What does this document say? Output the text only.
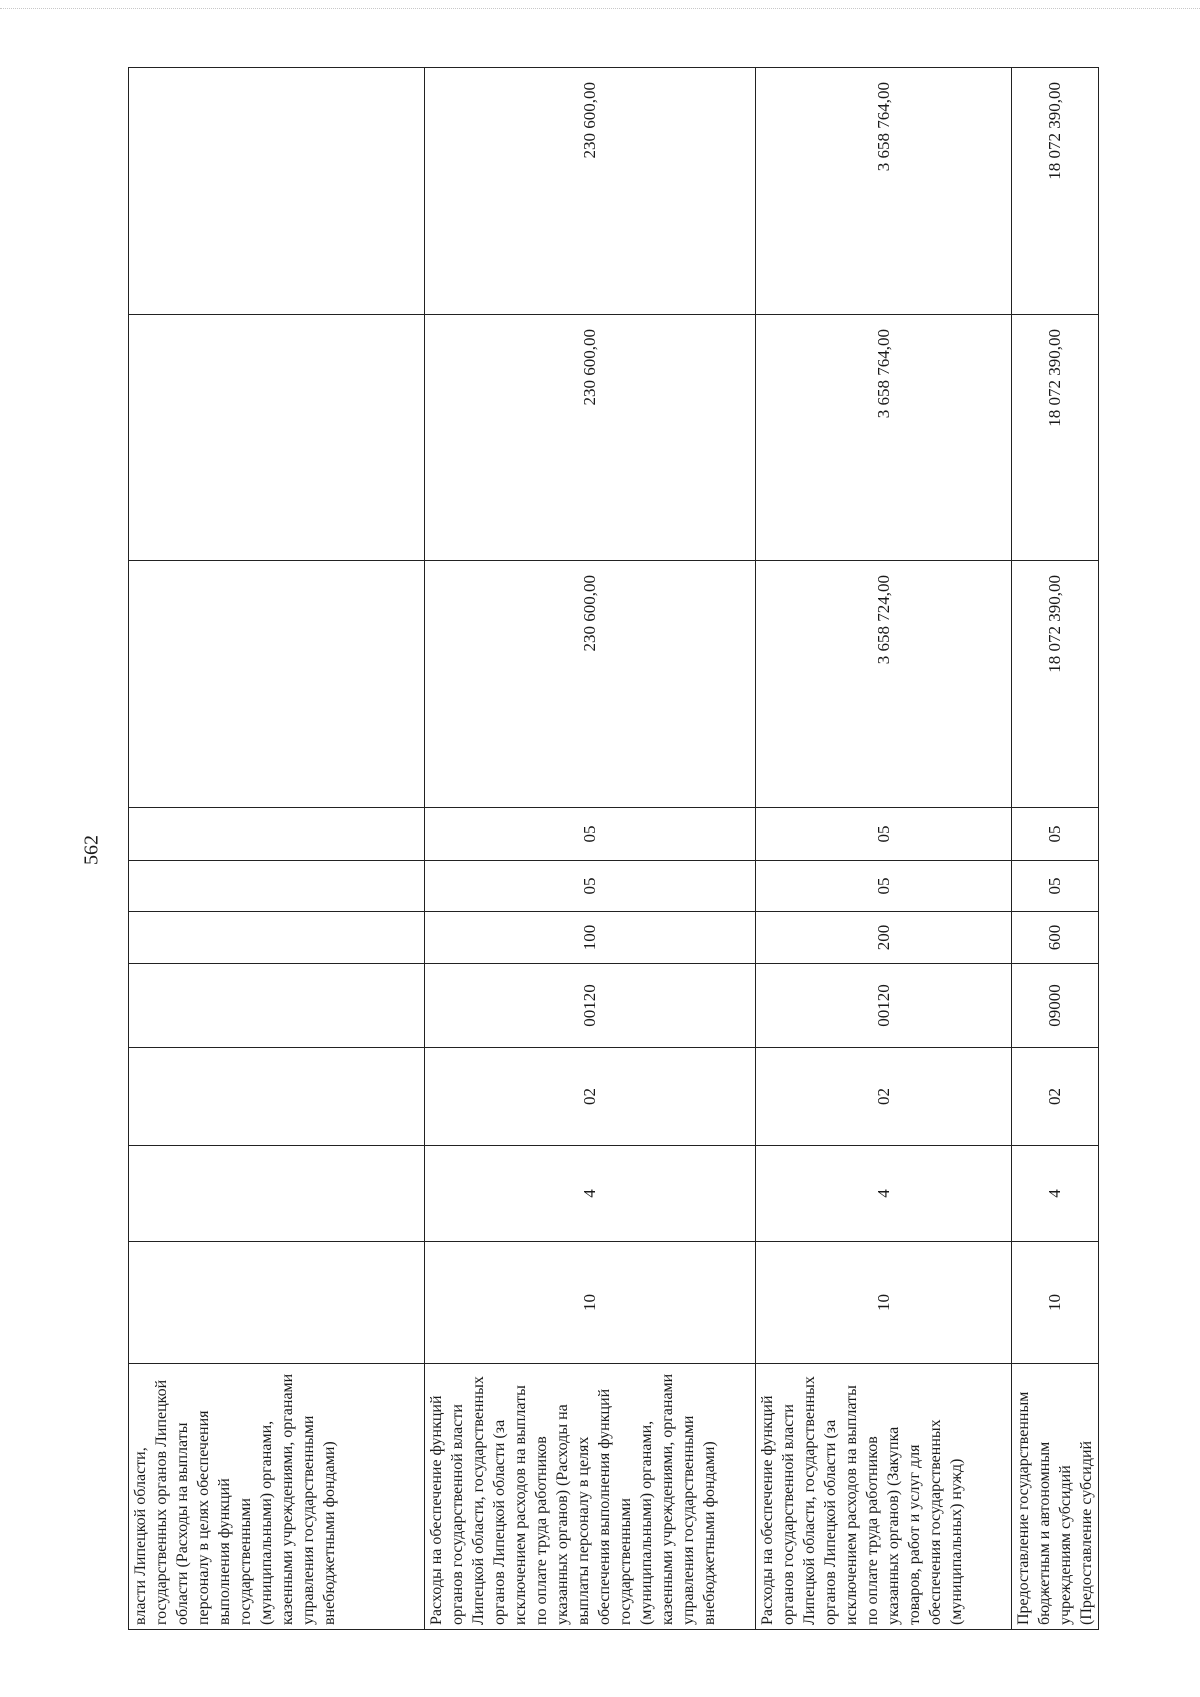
562
власти Липецкой области, государственных органов Липецкой области (Расходы на выплаты персоналу в целях обеспечения выполнения функций государственными (муниципальными) органами, казенными учреждениями, органами управления государственными внебюджетными фондами)										
Расходы на обеспечение функций органов государственной власти Липецкой области, государственных органов Липецкой области (за исключением расходов на выплаты по оплате труда работников указанных органов) (Расходы на выплаты персоналу в целях обеспечения выполнения функций государственными (муниципальными) органами, казенными учреждениями, органами управления государственными внебюджетными фондами)	10	4	02	00120	100	05	05	230 600,00	230 600,00	230 600,00
Расходы на обеспечение функций органов государственной власти Липецкой области, государственных органов Липецкой области (за исключением расходов на выплаты по оплате труда работников указанных органов) (Закупка товаров, работ и услуг для обеспечения государственных (муниципальных) нужд)	10	4	02	00120	200	05	05	3 658 724,00	3 658 764,00	3 658 764,00
Предоставление государственным бюджетным и автономным учреждениям субсидий (Предоставление субсидий	10	4	02	09000	600	05	05	18 072 390,00	18 072 390,00	18 072 390,00
